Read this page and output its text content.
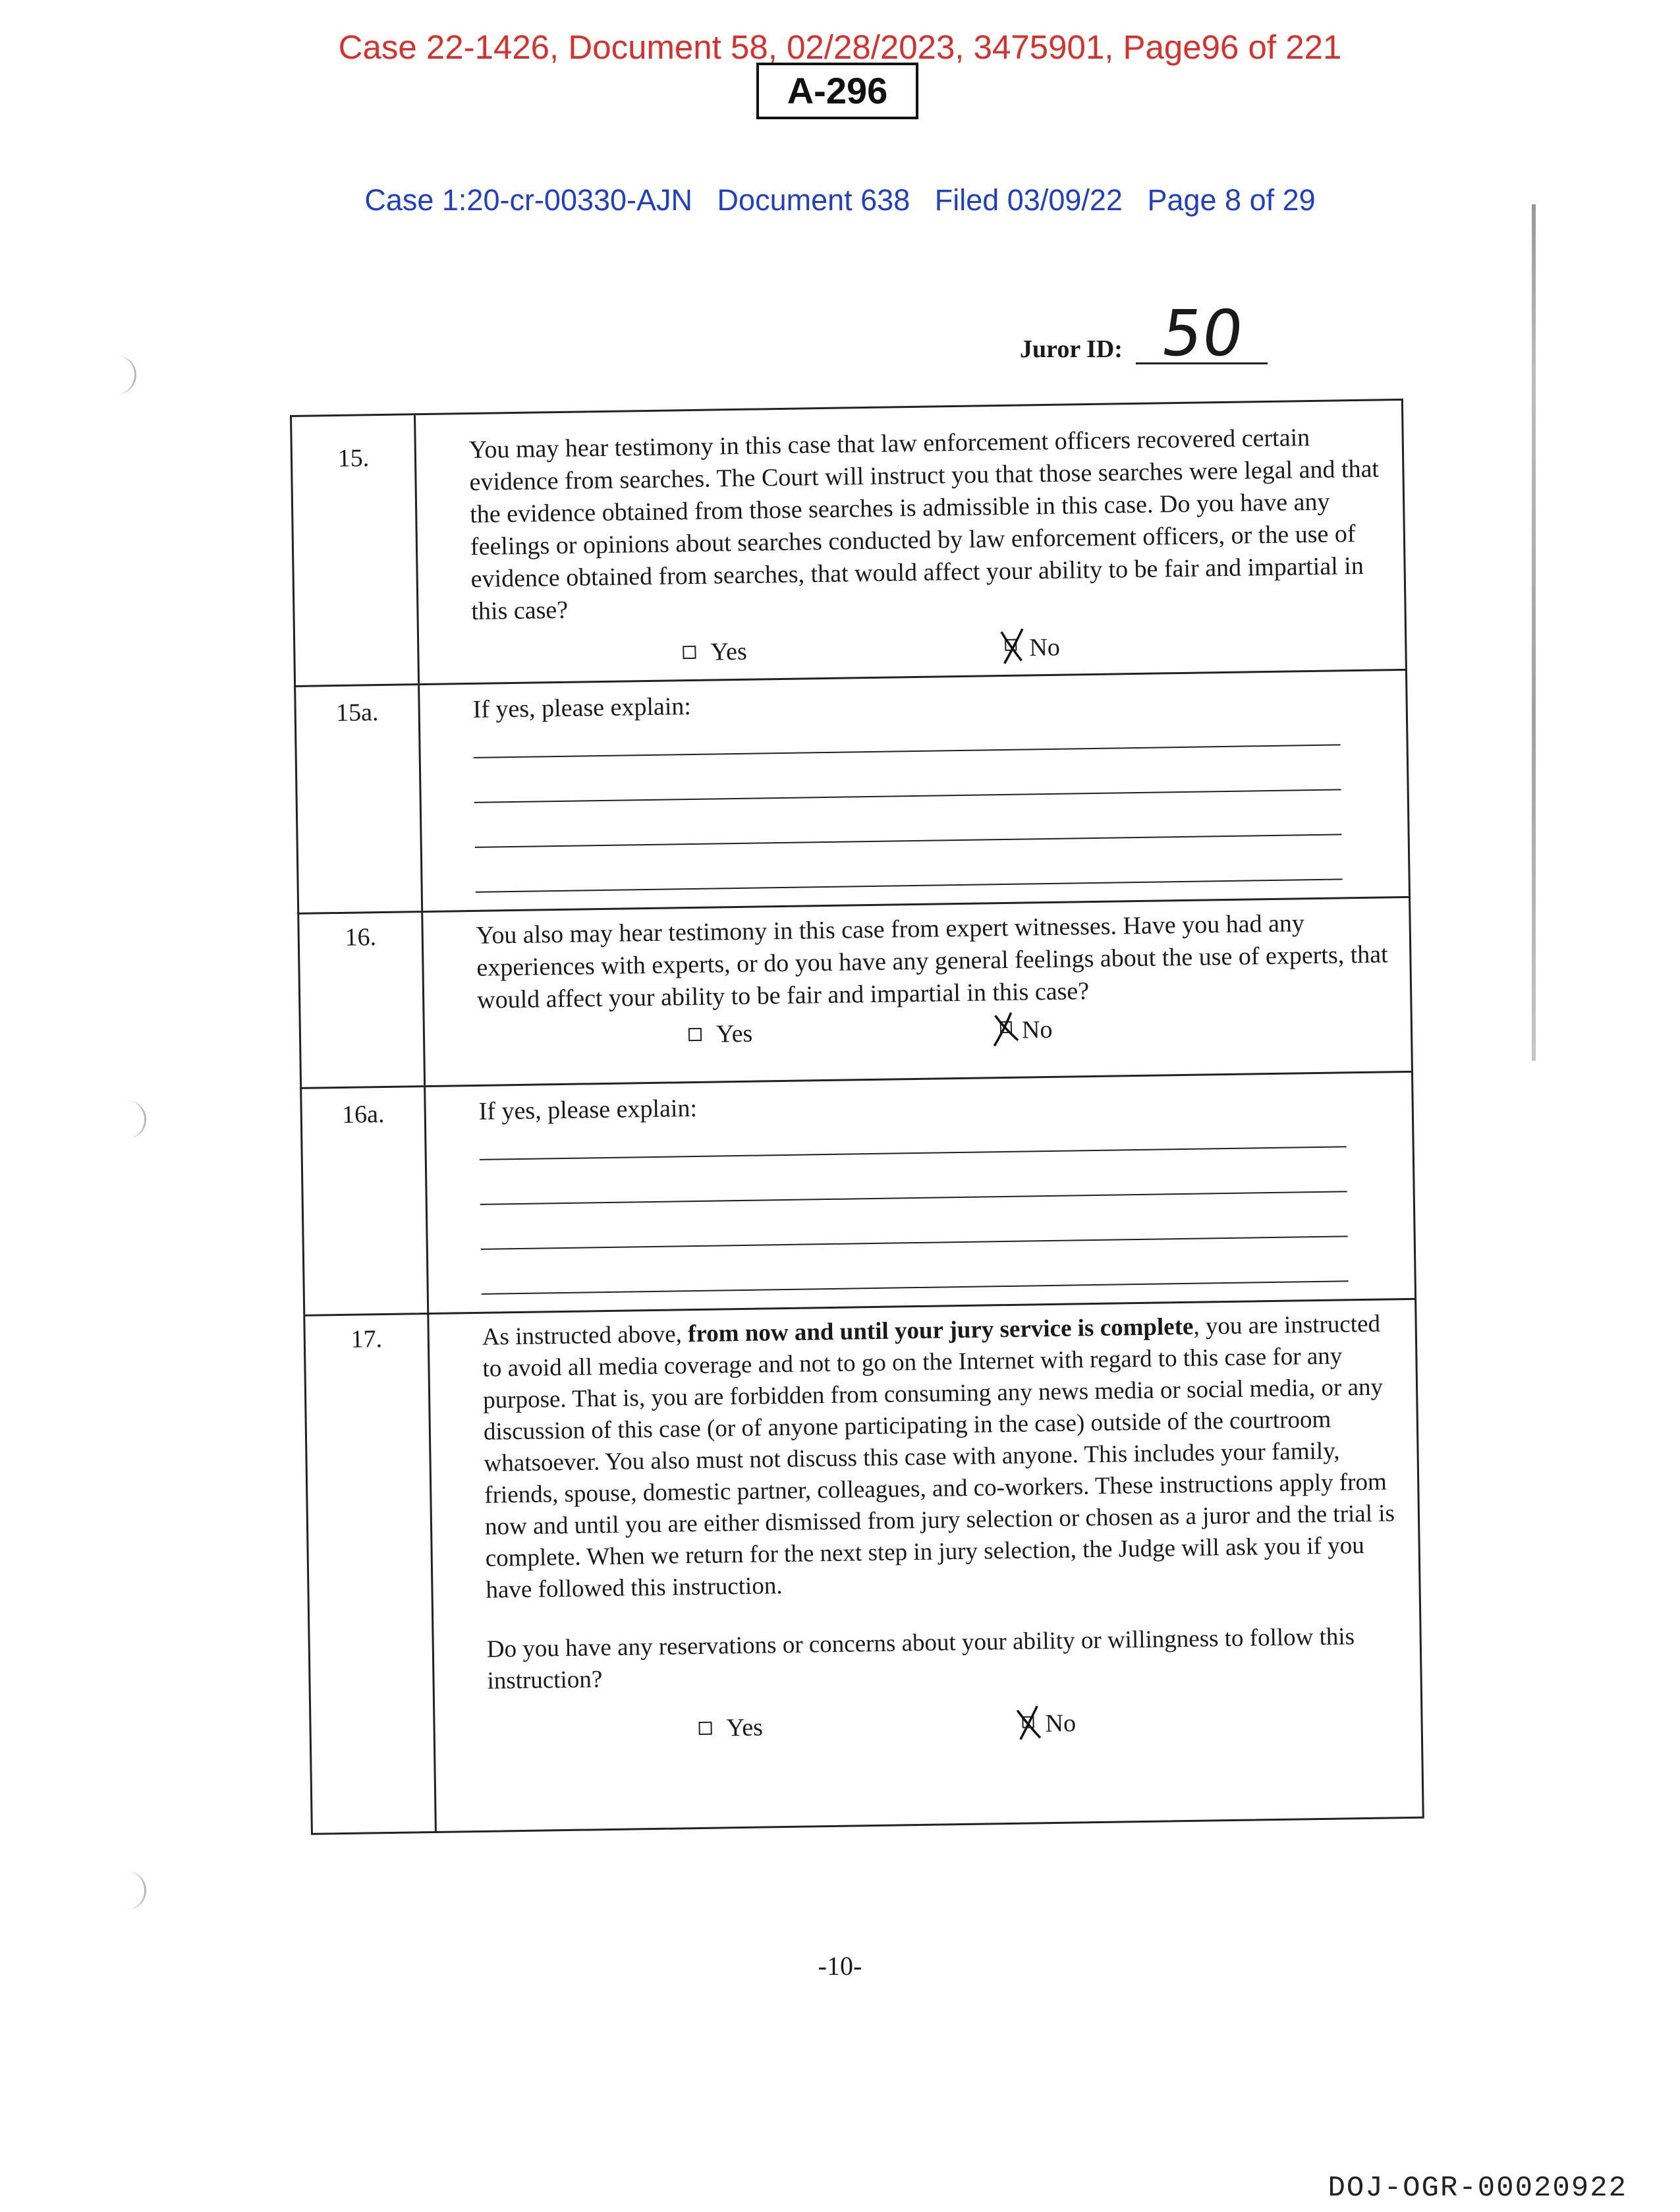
Case 22-1426, Document 58, 02/28/2023, 3475901, Page96 of 221
A-296
Case 1:20-cr-00330-AJN   Document 638   Filed 03/09/22   Page 8 of 29
Juror ID: 50
15.	You may hear testimony in this case that law enforcement officers recovered certain evidence from searches. The Court will instruct you that those searches were legal and that the evidence obtained from those searches is admissible in this case. Do you have any feelings or opinions about searches conducted by law enforcement officers, or the use of evidence obtained from searches, that would affect your ability to be fair and impartial in this case?

Yes	No
15a.	If yes, please explain:

16.	You also may hear testimony in this case from expert witnesses. Have you had any experiences with experts, or do you have any general feelings about the use of experts, that would affect your ability to be fair and impartial in this case?

Yes	No
16a.	If yes, please explain:

17.	As instructed above, from now and until your jury service is complete, you are instructed to avoid all media coverage and not to go on the Internet with regard to this case for any purpose. That is, you are forbidden from consuming any news media or social media, or any discussion of this case (or of anyone participating in the case) outside of the courtroom whatsoever. You also must not discuss this case with anyone. This includes your family, friends, spouse, domestic partner, colleagues, and co-workers. These instructions apply from now and until you are either dismissed from jury selection or chosen as a juror and the trial is complete. When we return for the next step in jury selection, the Judge will ask you if you have followed this instruction.

Do you have any reservations or concerns about your ability or willingness to follow this instruction?

Yes	No
-10-
DOJ-OGR-00020922
